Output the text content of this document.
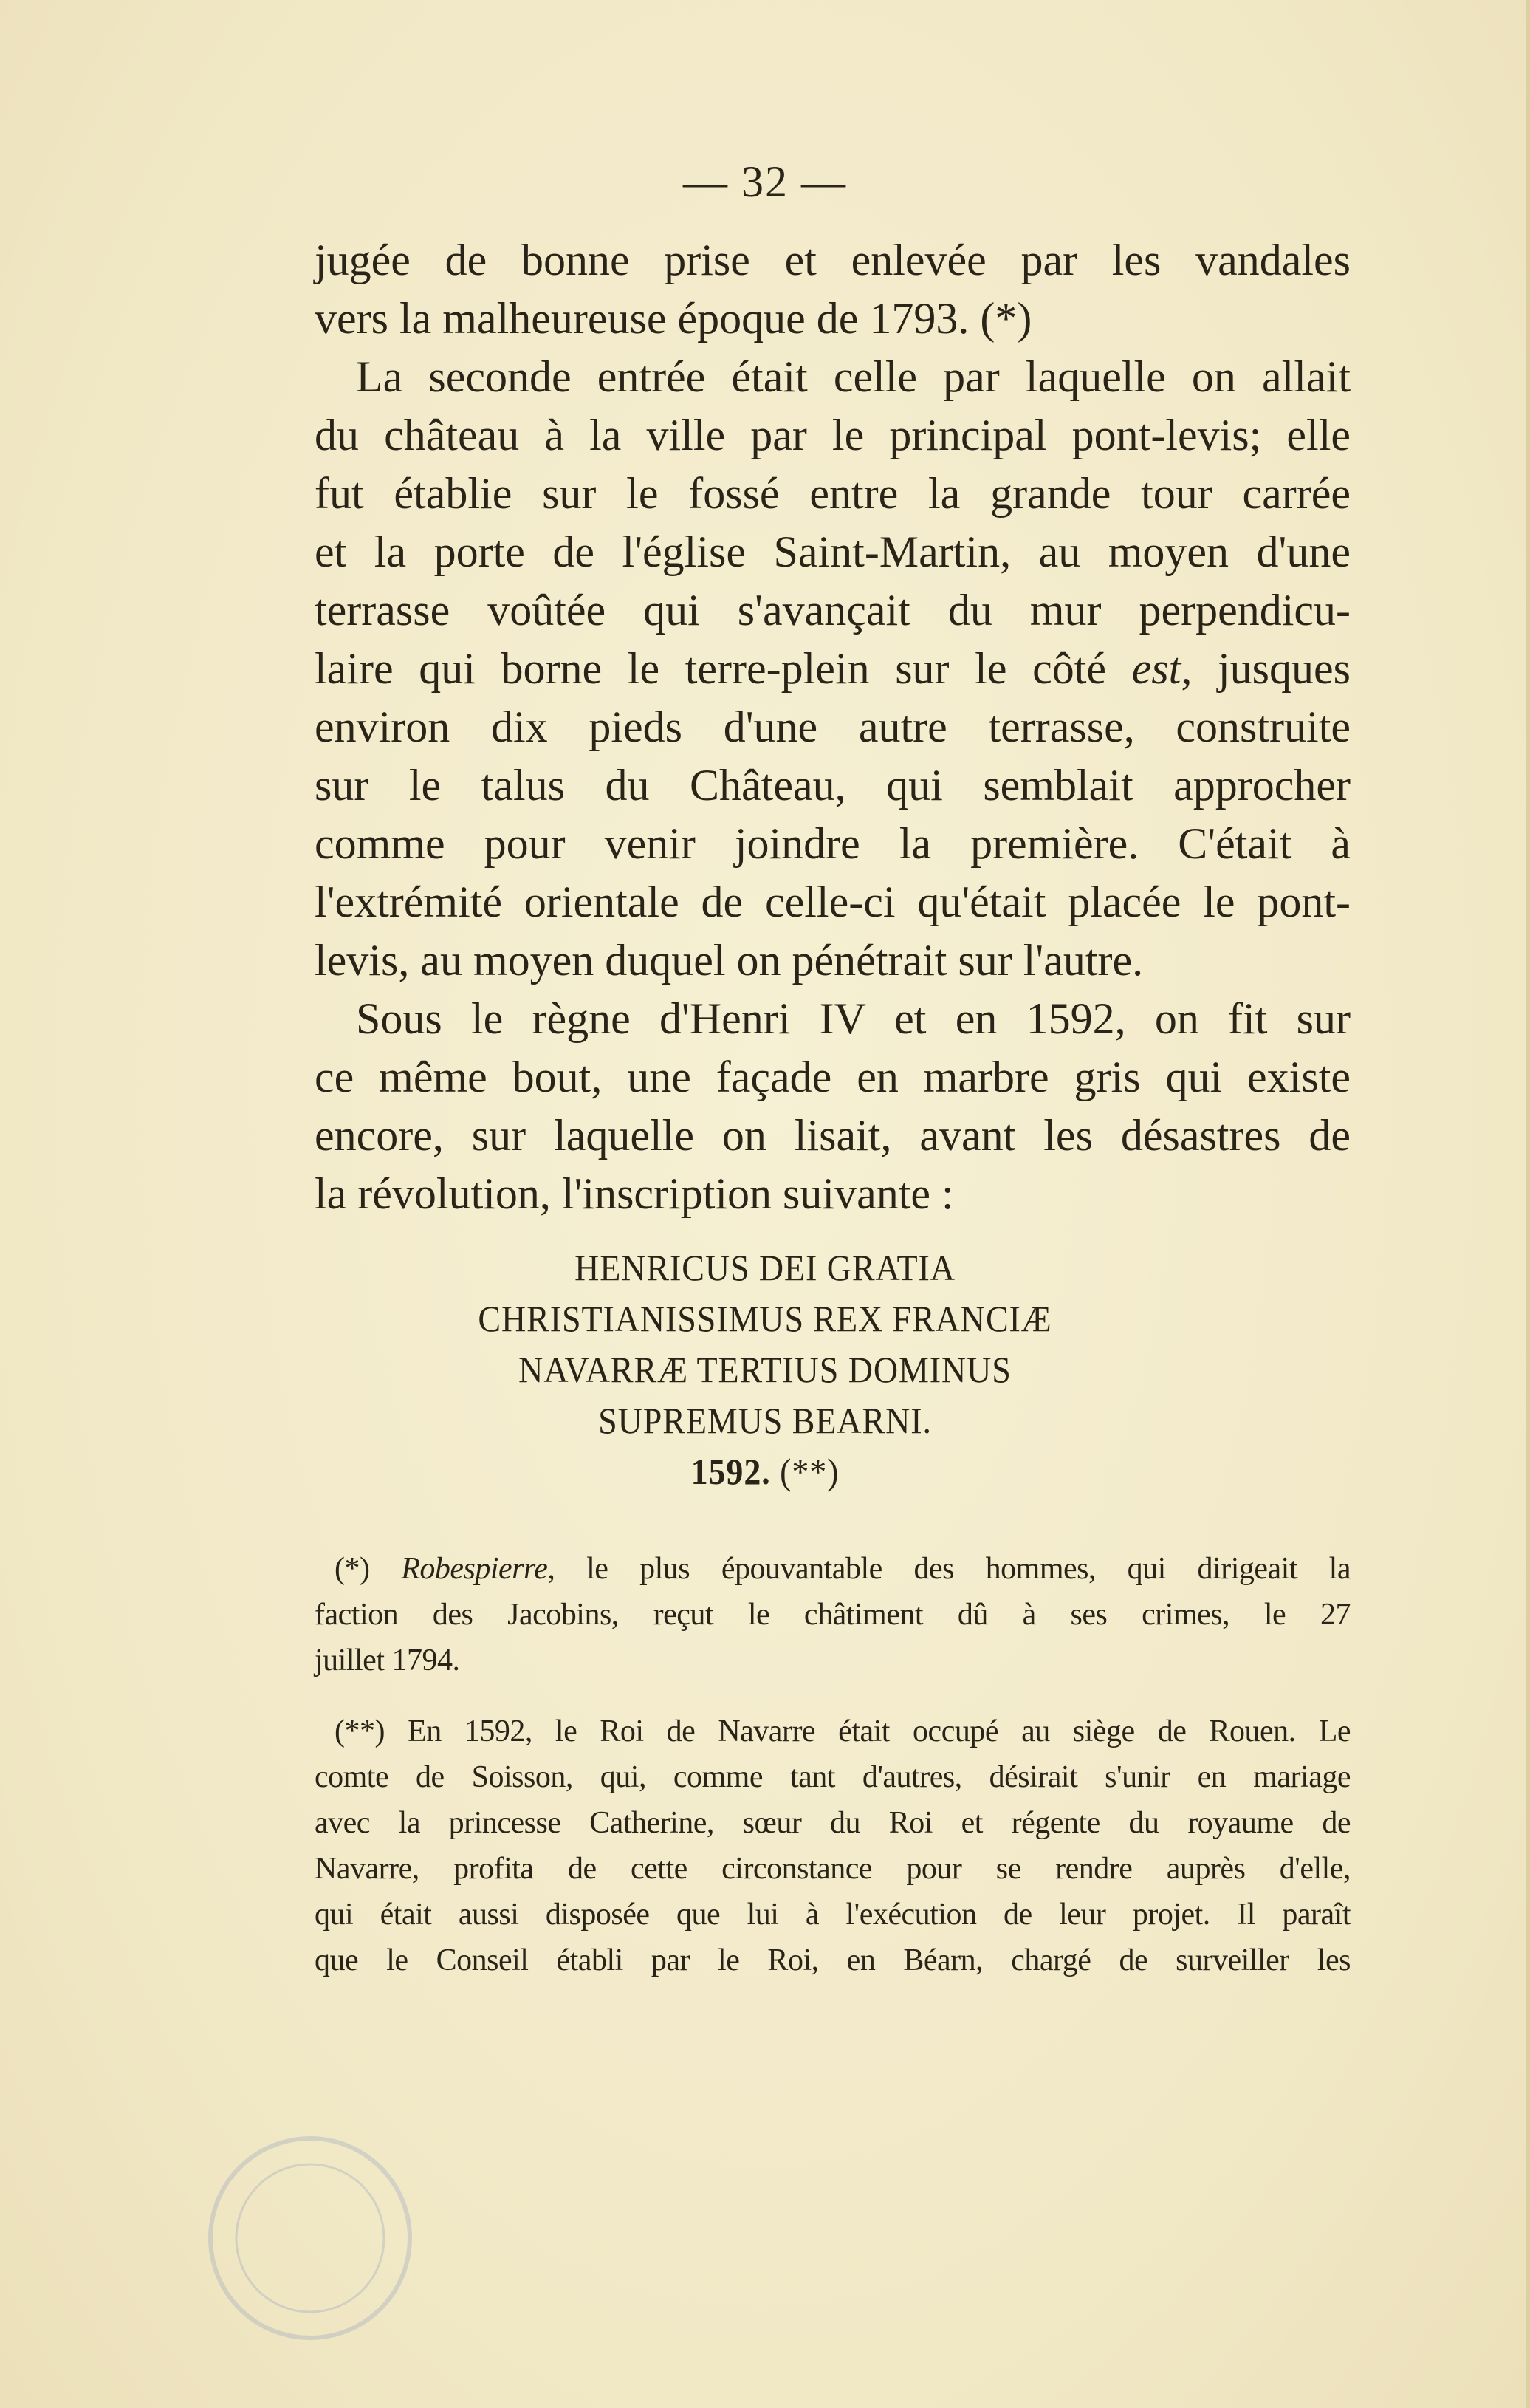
— 32 —
jugée de bonne prise et enlevée par les vandales
vers la malheureuse époque de 1793. (*)
La seconde entrée était celle par laquelle on allait
du château à la ville par le principal pont-levis; elle
fut établie sur le fossé entre la grande tour carrée
et la porte de l'église Saint-Martin, au moyen d'une
terrasse voûtée qui s'avançait du mur perpendicu-
laire qui borne le terre-plein sur le côté est, jusques
environ dix pieds d'une autre terrasse, construite
sur le talus du Château, qui semblait approcher
comme pour venir joindre la première. C'était à
l'extrémité orientale de celle-ci qu'était placée le pont-
levis, au moyen duquel on pénétrait sur l'autre.
Sous le règne d'Henri IV et en 1592, on fit sur
ce même bout, une façade en marbre gris qui existe
encore, sur laquelle on lisait, avant les désastres de
la révolution, l'inscription suivante :
HENRICUS DEI GRATIA
CHRISTIANISSIMUS REX FRANCIÆ
NAVARRÆ TERTIUS DOMINUS
SUPREMUS BEARNI.
1592. (**)
(*) Robespierre, le plus épouvantable des hommes, qui dirigeait la
faction des Jacobins, reçut le châtiment dû à ses crimes, le 27
juillet 1794.
(**) En 1592, le Roi de Navarre était occupé au siège de Rouen. Le
comte de Soisson, qui, comme tant d'autres, désirait s'unir en mariage
avec la princesse Catherine, sœur du Roi et régente du royaume de
Navarre, profita de cette circonstance pour se rendre auprès d'elle,
qui était aussi disposée que lui à l'exécution de leur projet. Il paraît
que le Conseil établi par le Roi, en Béarn, chargé de surveiller les
